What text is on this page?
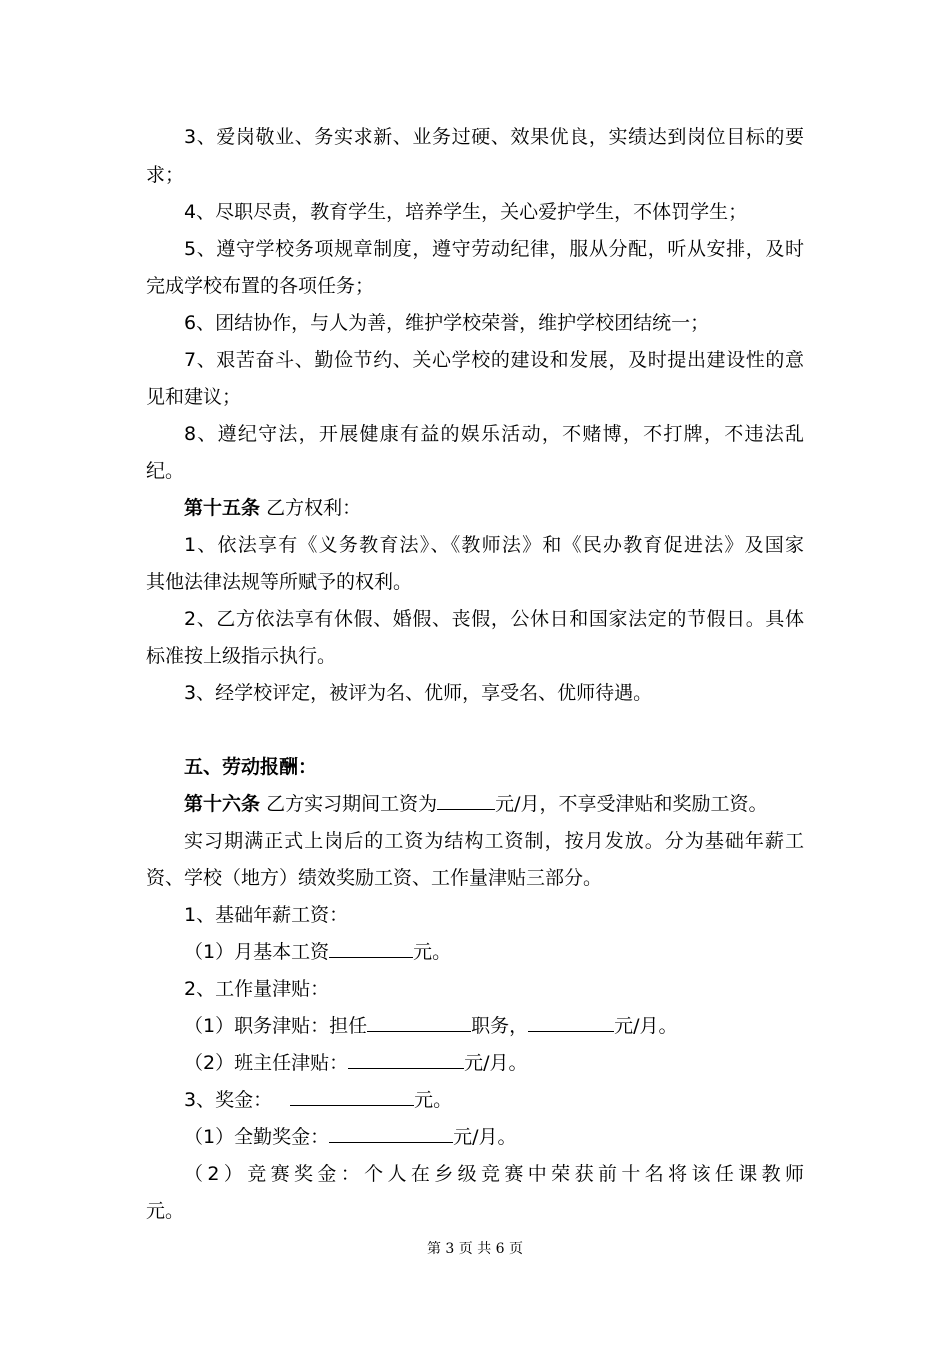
3、爱岗敬业、务实求新、业务过硬、效果优良，实绩达到岗位目标的要
求；
4、尽职尽责，教育学生，培养学生，关心爱护学生，不体罚学生；
5、遵守学校务项规章制度，遵守劳动纪律，服从分配，听从安排，及时
完成学校布置的各项任务；
6、团结协作，与人为善，维护学校荣誉，维护学校团结统一；
7、艰苦奋斗、勤俭节约、关心学校的建设和发展，及时提出建设性的意
见和建议；
8、遵纪守法，开展健康有益的娱乐活动，不赌博，不打牌，不违法乱
纪。
第十五条 乙方权利：
1、依法享有《义务教育法》、《教师法》和《民办教育促进法》及国家
其他法律法规等所赋予的权利。
2、乙方依法享有休假、婚假、丧假，公休日和国家法定的节假日。具体
标准按上级指示执行。
3、经学校评定，被评为名、优师，享受名、优师待遇。
五、劳动报酬：
第十六条 乙方实习期间工资为	元/月，不享受津贴和奖励工资。
实习期满正式上岗后的工资为结构工资制，按月发放。分为基础年薪工
资、学校（地方）绩效奖励工资、工作量津贴三部分。
1、基础年薪工资：
（1）月基本工资	元。
2、工作量津贴：
（1）职务津贴：担任	职务，	元/月。
（2）班主任津贴：	元/月。
3、奖金：	元。
（1）全勤奖金：	元/月。
（2）竞赛奖金：个人在乡级竞赛中荣获前十名将该任课教师
元。
第 3 页 共 6 页
